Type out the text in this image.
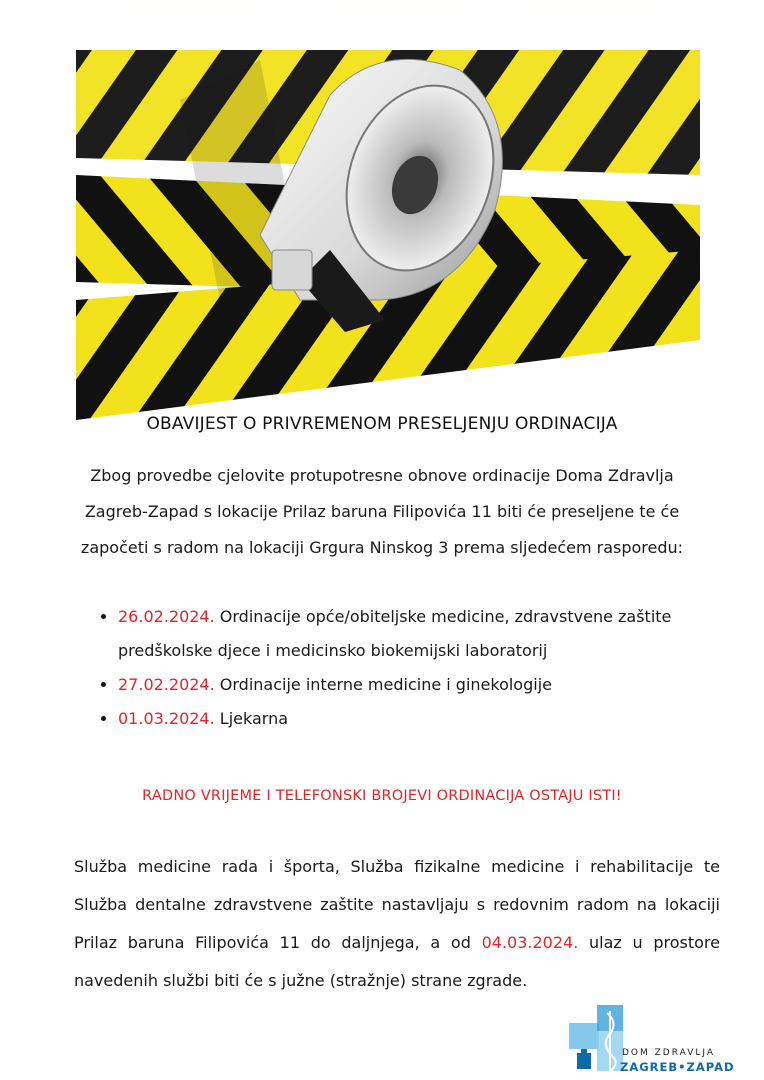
OBAVIJEST O PRIVREMENOM PRESELJENJU ORDINACIJA
Zbog provedbe cjelovite protupotresne obnove ordinacije Doma Zdravlja Zagreb-Zapad s lokacije Prilaz baruna Filipovića 11 biti će preseljene te će započeti s radom na lokaciji Grgura Ninskog 3 prema sljedećem rasporedu:
• 26.02.2024. Ordinacije opće/obiteljske medicine, zdravstvene zaštite predškolske djece i medicinsko biokemijski laboratorij
• 27.02.2024. Ordinacije interne medicine i ginekologije
• 01.03.2024. Ljekarna
RADNO VRIJEME I TELEFONSKI BROJEVI ORDINACIJA OSTAJU ISTI!
Služba medicine rada i športa, Služba fizikalne medicine i rehabilitacije te Služba dentalne zdravstvene zaštite nastavljaju s redovnim radom na lokaciji Prilaz baruna Filipovića 11 do daljnjega, a od 04.03.2024. ulaz u prostore navedenih službi biti će s južne (stražnje) strane zgrade.
DOM ZDRAVLJA
ZAGREB•ZAPAD
